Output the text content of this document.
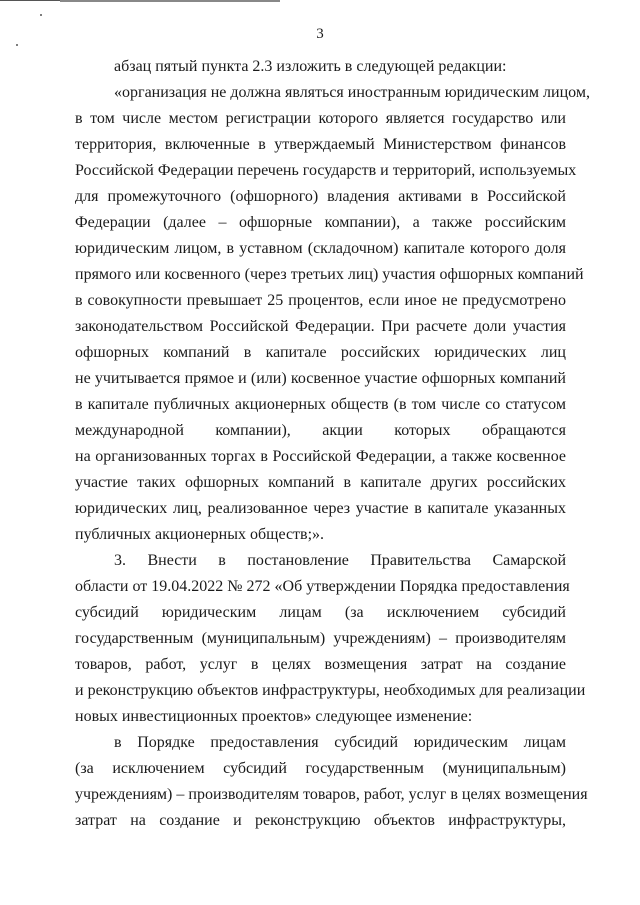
3
абзац пятый пункта 2.3 изложить в следующей редакции:
«организация не должна являться иностранным юридическим лицом,
в том числе местом регистрации которого является государство или
территория, включенные в утверждаемый Министерством финансов
Российской Федерации перечень государств и территорий, используемых
для промежуточного (офшорного) владения активами в Российской
Федерации (далее – офшорные компании), а также российским
юридическим лицом, в уставном (складочном) капитале которого доля
прямого или косвенного (через третьих лиц) участия офшорных компаний
в совокупности превышает 25 процентов, если иное не предусмотрено
законодательством Российской Федерации. При расчете доли участия
офшорных компаний в капитале российских юридических лиц
не учитывается прямое и (или) косвенное участие офшорных компаний
в капитале публичных акционерных обществ (в том числе со статусом
международной компании), акции которых обращаются
на организованных торгах в Российской Федерации, а также косвенное
участие таких офшорных компаний в капитале других российских
юридических лиц, реализованное через участие в капитале указанных
публичных акционерных обществ;».
3. Внести в постановление Правительства Самарской
области от 19.04.2022 № 272 «Об утверждении Порядка предоставления
субсидий юридическим лицам (за исключением субсидий
государственным (муниципальным) учреждениям) – производителям
товаров, работ, услуг в целях возмещения затрат на создание
и реконструкцию объектов инфраструктуры, необходимых для реализации
новых инвестиционных проектов» следующее изменение:
в Порядке предоставления субсидий юридическим лицам
(за исключением субсидий государственным (муниципальным)
учреждениям) – производителям товаров, работ, услуг в целях возмещения
затрат на создание и реконструкцию объектов инфраструктуры,
